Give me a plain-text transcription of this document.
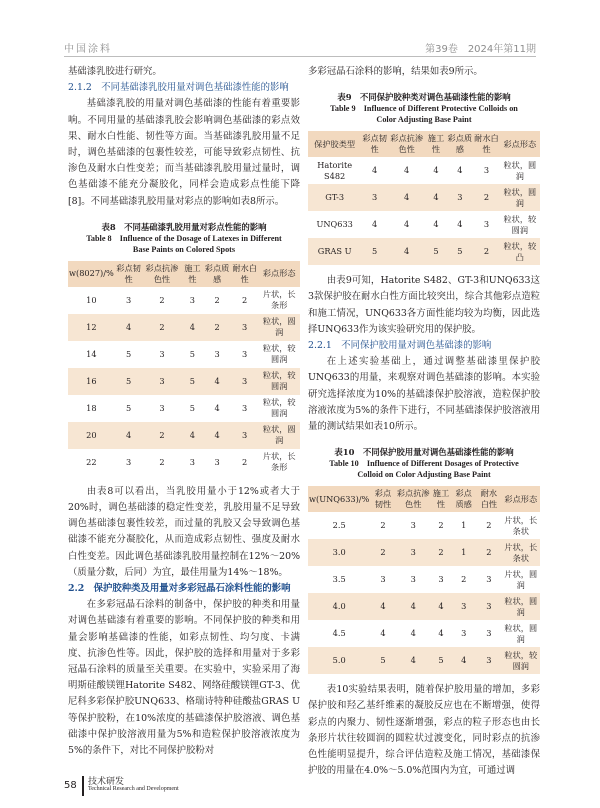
中国涂料	第39卷　2024年第11期

基础漆乳胶进行研究。

2.1.2　不同基础漆乳胶用量对调色基础漆性能的影响

基础漆乳胶的用量对调色基础漆的性能有着重要影响。不同用量的基础漆乳胶会影响调色基础漆的彩点效果、耐水白性能、韧性等方面。当基础漆乳胶用量不足时，调色基础漆的包裹性较差，可能导致彩点韧性、抗渗色及耐水白性变差；而当基础漆乳胶用量过量时，调色基础漆不能充分凝胶化，同样会造成彩点性能下降[8]。不同基础漆乳胶用量对彩点的影响如表8所示。

表8　不同基础漆乳胶用量对彩点性能的影响
Table 8　Influence of the Dosage of Latexes in Different
Base Paints on Colored Spots
w(8027)/%	彩点韧性	彩点抗渗色性	施工性	彩点质感	耐水白性	彩点形态
10	3	2	3	2	2	片状，长条形
12	4	2	4	2	3	粒状，圆润
14	5	3	5	3	3	粒状，较圆润
16	5	3	5	4	3	粒状，较圆润
18	5	3	5	4	3	粒状，较圆润
20	4	2	4	4	3	粒状，圆润
22	3	2	3	3	2	片状，长条形

由表8可以看出，当乳胶用量小于12%或者大于20%时，调色基础漆的稳定性变差，乳胶用量不足导致调色基础漆包裹性较差，而过量的乳胶又会导致调色基础漆不能充分凝胶化，从而造成彩点韧性、强度及耐水白性变差。因此调色基础漆乳胶用量控制在12%～20%（质量分数，后同）为宜，最佳用量为14%～18%。

2.2　保护胶种类及用量对多彩冠晶石涂料性能的影响

在多彩冠晶石涂料的制备中，保护胶的种类和用量对调色基础漆有着重要的影响。不同保护胶的种类和用量会影响基础漆的性能，如彩点韧性、均匀度、卡满度、抗渗色性等。因此，保护胶的选择和用量对于多彩冠晶石涂料的质量至关重要。在实验中，实验采用了海明斯硅酸镁锂Hatorite S482、网络硅酸镁锂GT-3、优尼科多彩保护胶UNQ633、格瑞诗特种硅酸盐GRAS U等保护胶粉，在10%浓度的基础漆保护胶溶液、调色基础漆中保护胶溶液用量为5%和造粒保护胶溶液浓度为5%的条件下，对比不同保护胶粉对

多彩冠晶石涂料的影响，结果如表9所示。

表9　不同保护胶种类对调色基础漆性能的影响
Table 9　Influence of Different Protective Colloids on
Color Adjusting Base Paint
保护胶类型	彩点韧性	彩点抗渗色性	施工性	彩点质感	耐水白性	彩点形态
Hatorite S482	4	4	4	4	3	粒状，圆润
GT-3	3	4	4	3	2	粒状，圆润
UNQ633	4	4	4	4	3	粒状，较圆润
GRAS U	5	4	5	5	2	粒状，较凸

由表9可知，Hatorite S482、GT-3和UNQ633这3款保护胶在耐水白性方面比较突出，综合其他彩点造粒和施工情况，UNQ633各方面性能均较为均衡，因此选择UNQ633作为该实验研究用的保护胶。

2.2.1　不同保护胶用量对调色基础漆的影响

在上述实验基础上，通过调整基础漆里保护胶UNQ633的用量，来观察对调色基础漆的影响。本实验研究选择浓度为10%的基础漆保护胶溶液，造粒保护胶溶液浓度为5%的条件下进行，不同基础漆保护胶溶液用量的测试结果如表10所示。

表10　不同保护胶用量对调色基础漆性能的影响
Table 10　Influence of Different Dosages of Protective
Colloid on Color Adjusting Base Paint
w(UNQ633)/%	彩点韧性	彩点抗渗色性	施工性	彩点质感	耐水白性	彩点形态
2.5	2	3	2	1	2	片状，长条状
3.0	2	3	2	1	2	片状，长条状
3.5	3	3	3	2	3	片状，圆润
4.0	4	4	4	3	3	粒状，圆润
4.5	4	4	4	3	3	粒状，圆润
5.0	5	4	5	4	3	粒状，较圆润

表10实验结果表明，随着保护胶用量的增加，多彩保护胶和羟乙基纤维素的凝胶反应也在不断增强，使得彩点的内聚力、韧性逐渐增强，彩点的粒子形态也由长条形片状往较圆润的圆粒状过渡变化，同时彩点的抗渗色性能明显提升，综合评估造粒及施工情况，基础漆保护胶的用量在4.0%～5.0%范围内为宜，可通过调

58 技术研发
Technical Research and Development
